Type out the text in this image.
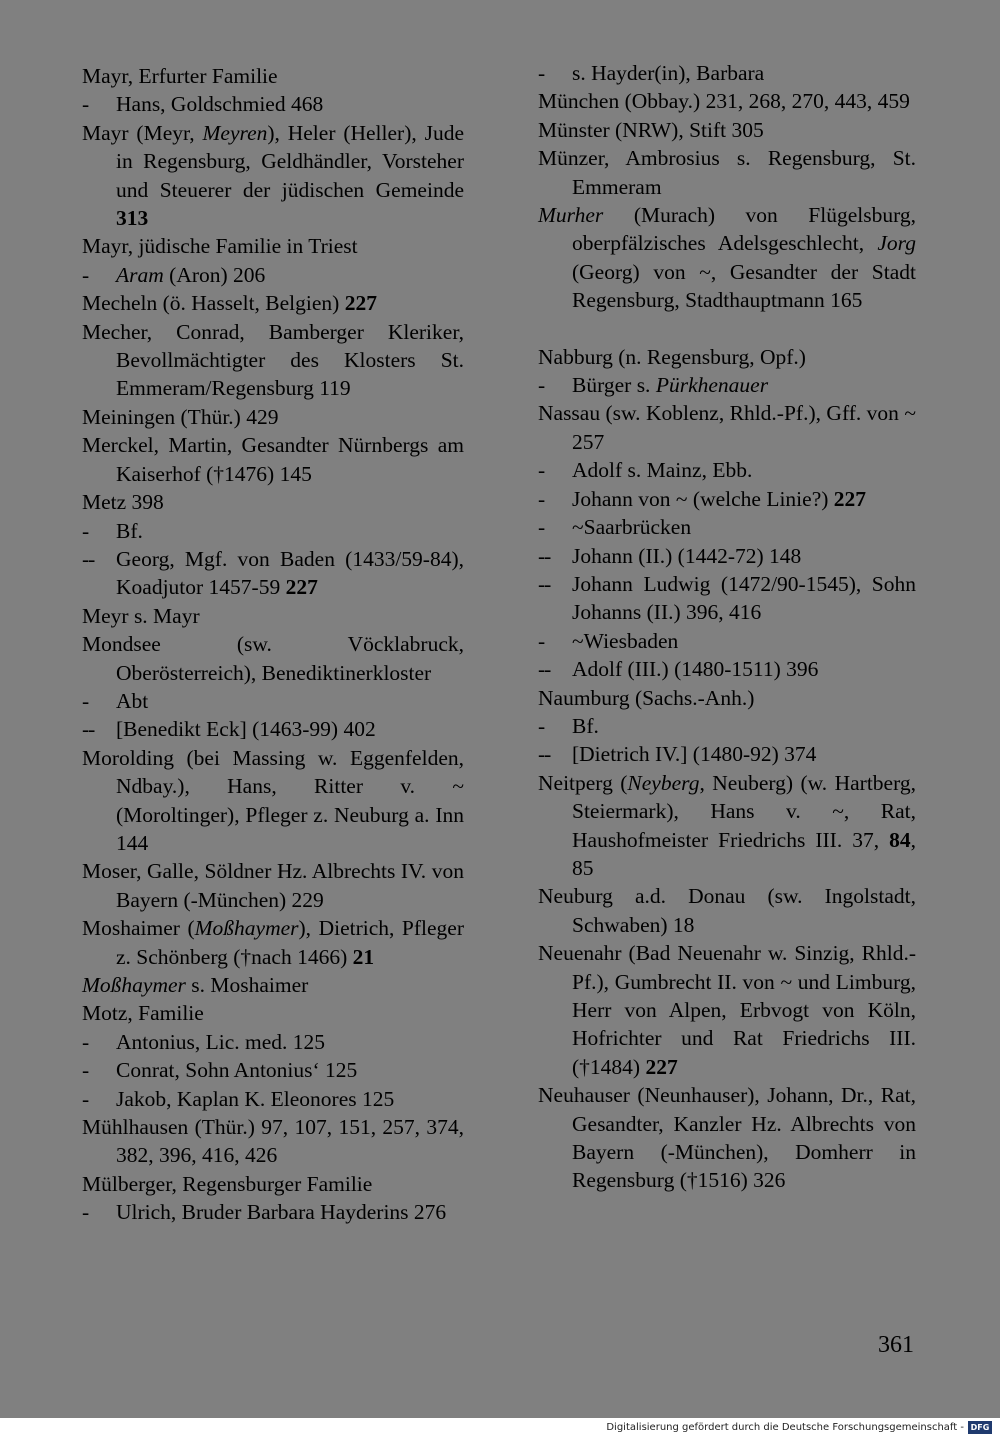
Mayr, Erfurter Familie
- Hans, Goldschmied 468
Mayr (Meyr, Meyren), Heler (Heller), Jude in Regensburg, Geldhändler, Vorsteher und Steuerer der jüdischen Gemeinde 313
Mayr, jüdische Familie in Triest
- Aram (Aron) 206
Mecheln (ö. Hasselt, Belgien) 227
Mecher, Conrad, Bamberger Kleriker, Bevollmächtigter des Klosters St. Emmeram/Regensburg 119
Meiningen (Thür.) 429
Merckel, Martin, Gesandter Nürnbergs am Kaiserhof (†1476) 145
Metz 398
- Bf.
-- Georg, Mgf. von Baden (1433/59-84), Koadjutor 1457-59 227
Meyr s. Mayr
Mondsee (sw. Vöcklabruck, Oberösterreich), Benediktinerkloster
- Abt
-- [Benedikt Eck] (1463-99) 402
Morolding (bei Massing w. Eggenfelden, Ndbay.), Hans, Ritter v. ~ (Moroltinger), Pfleger z. Neuburg a. Inn 144
Moser, Galle, Söldner Hz. Albrechts IV. von Bayern (-München) 229
Moshaimer (Moßhaymer), Dietrich, Pfleger z. Schönberg (†nach 1466) 21
Moßhaymer s. Moshaimer
Motz, Familie
- Antonius, Lic. med. 125
- Conrat, Sohn Antonius‘ 125
- Jakob, Kaplan K. Eleonores 125
Mühlhausen (Thür.) 97, 107, 151, 257, 374, 382, 396, 416, 426
Mülberger, Regensburger Familie
- Ulrich, Bruder Barbara Hayderins 276
- s. Hayder(in), Barbara
München (Obbay.) 231, 268, 270, 443, 459
Münster (NRW), Stift 305
Münzer, Ambrosius s. Regensburg, St. Emmeram
Murher (Murach) von Flügelsburg, oberpfälzisches Adelsgeschlecht, Jorg (Georg) von ~, Gesandter der Stadt Regensburg, Stadthauptmann 165
Nabburg (n. Regensburg, Opf.)
- Bürger s. Pürkhenauer
Nassau (sw. Koblenz, Rhld.-Pf.), Gff. von ~ 257
- Adolf s. Mainz, Ebb.
- Johann von ~ (welche Linie?) 227
- ~Saarbrücken
-- Johann (II.) (1442-72) 148
-- Johann Ludwig (1472/90-1545), Sohn Johanns (II.) 396, 416
- ~Wiesbaden
-- Adolf (III.) (1480-1511) 396
Naumburg (Sachs.-Anh.)
- Bf.
-- [Dietrich IV.] (1480-92) 374
Neitperg (Neyberg, Neuberg) (w. Hartberg, Steiermark), Hans v. ~, Rat, Haushofmeister Friedrichs III. 37, 84, 85
Neuburg a.d. Donau (sw. Ingolstadt, Schwaben) 18
Neuenahr (Bad Neuenahr w. Sinzig, Rhld.-Pf.), Gumbrecht II. von ~ und Limburg, Herr von Alpen, Erbvogt von Köln, Hofrichter und Rat Friedrichs III. (†1484) 227
Neuhauser (Neunhauser), Johann, Dr., Rat, Gesandter, Kanzler Hz. Albrechts von Bayern (-München), Domherr in Regensburg (†1516) 326
361
Digitalisierung gefördert durch die Deutsche Forschungsgemeinschaft - DFG
